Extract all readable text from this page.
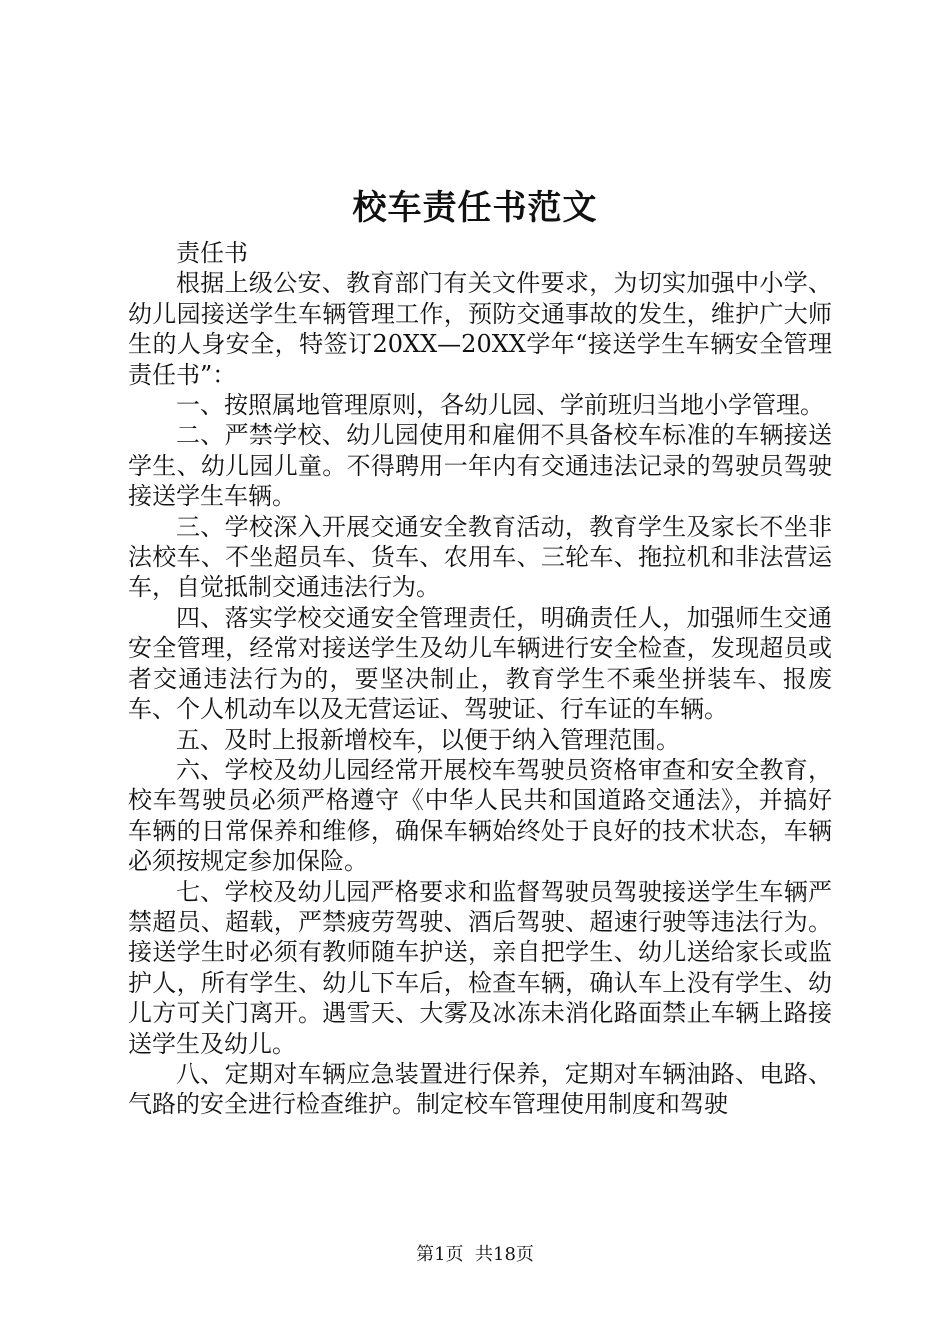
校车责任书范文

责任书

根据上级公安、教育部门有关文件要求，为切实加强中小学、幼儿园接送学生车辆管理工作，预防交通事故的发生，维护广大师生的人身安全，特签订20XX—20XX学年“接送学生车辆安全管理责任书”：

一、按照属地管理原则，各幼儿园、学前班归当地小学管理。

二、严禁学校、幼儿园使用和雇佣不具备校车标准的车辆接送学生、幼儿园儿童。不得聘用一年内有交通违法记录的驾驶员驾驶接送学生车辆。

三、学校深入开展交通安全教育活动，教育学生及家长不坐非法校车、不坐超员车、货车、农用车、三轮车、拖拉机和非法营运车，自觉抵制交通违法行为。

四、落实学校交通安全管理责任，明确责任人，加强师生交通安全管理，经常对接送学生及幼儿车辆进行安全检查，发现超员或者交通违法行为的，要坚决制止，教育学生不乘坐拼装车、报废车、个人机动车以及无营运证、驾驶证、行车证的车辆。

五、及时上报新增校车，以便于纳入管理范围。

六、学校及幼儿园经常开展校车驾驶员资格审查和安全教育，校车驾驶员必须严格遵守《中华人民共和国道路交通法》，并搞好车辆的日常保养和维修，确保车辆始终处于良好的技术状态，车辆必须按规定参加保险。

七、学校及幼儿园严格要求和监督驾驶员驾驶接送学生车辆严禁超员、超载，严禁疲劳驾驶、酒后驾驶、超速行驶等违法行为。接送学生时必须有教师随车护送，亲自把学生、幼儿送给家长或监护人，所有学生、幼儿下车后，检查车辆，确认车上没有学生、幼儿方可关门离开。遇雪天、大雾及冰冻未消化路面禁止车辆上路接送学生及幼儿。

八、定期对车辆应急装置进行保养，定期对车辆油路、电路、气路的安全进行检查维护。制定校车管理使用制度和驾驶

第1页 共18页
